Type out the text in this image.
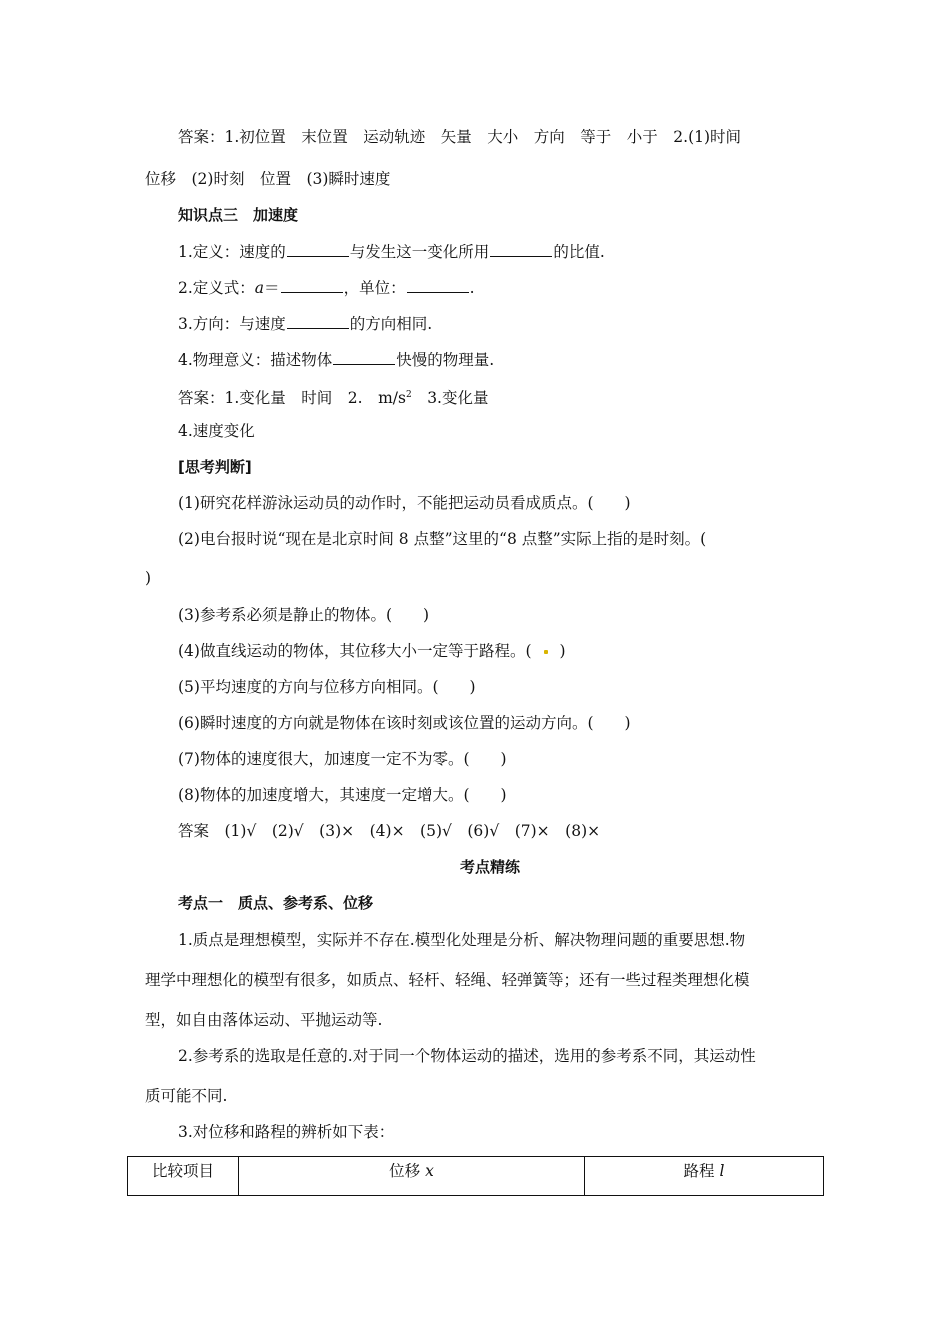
答案：1.初位置　末位置　运动轨迹　矢量　大小　方向　等于　小于　2.(1)时间
位移　(2)时刻　位置　(3)瞬时速度
知识点三　加速度
1.定义：速度的	与发生这一变化所用	的比值.
2.定义式：a＝	，单位：	.
3.方向：与速度	的方向相同.
4.物理意义：描述物体	快慢的物理量.
答案：1.变化量　时间　2.　$m/s^2$　3.变化量
4.速度变化
[思考判断]
(1)研究花样游泳运动员的动作时，不能把运动员看成质点。(　　)
(2)电台报时说“现在是北京时间 8 点整”这里的“8 点整”实际上指的是时刻。(
)
(3)参考系必须是静止的物体。(　　)
(4)做直线运动的物体，其位移大小一定等于路程。( )
(5)平均速度的方向与位移方向相同。(　　)
(6)瞬时速度的方向就是物体在该时刻或该位置的运动方向。(　　)
(7)物体的速度很大，加速度一定不为零。(　　)
(8)物体的加速度增大，其速度一定增大。(　　)
答案　(1)√　(2)√　(3)×　(4)×　(5)√　(6)√　(7)×　(8)×
考点精练
考点一　质点、参考系、位移
1.质点是理想模型，实际并不存在.模型化处理是分析、解决物理问题的重要思想.物
理学中理想化的模型有很多，如质点、轻杆、轻绳、轻弹簧等；还有一些过程类理想化模
型，如自由落体运动、平抛运动等.
2.参考系的选取是任意的.对于同一个物体运动的描述，选用的参考系不同，其运动性
质可能不同.
3.对位移和路程的辨析如下表：
比较项目	位移 x	路程 l
